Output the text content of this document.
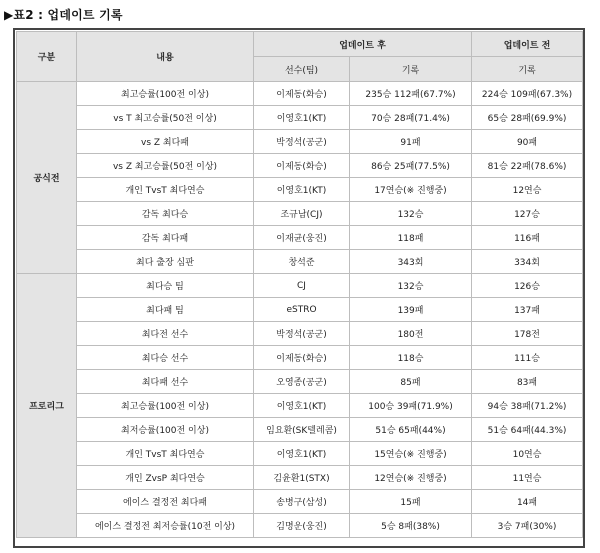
▶표2 : 업데이트 기록
구분	내용	업데이트 후		업데이트 전
		선수(팀)	기록	기록
공식전	최고승률(100전 이상)	이제동(화승)	235승 112패(67.7%)	224승 109패(67.3%)
	vs T 최고승률(50전 이상)	이영호1(KT)	70승 28패(71.4%)	65승 28패(69.9%)
	vs Z 최다패	박정석(공군)	91패	90패
	vs Z 최고승률(50전 이상)	이제동(화승)	86승 25패(77.5%)	81승 22패(78.6%)
	개인 TvsT 최다연승	이영호1(KT)	17연승(※ 진행중)	12연승
	감독 최다승	조규남(CJ)	132승	127승
	감독 최다패	이재균(웅진)	118패	116패
	최다 출장 심판	창석준	343회	334회
프로리그	최다승 팀	CJ	132승	126승
	최다패 팀	eSTRO	139패	137패
	최다전 선수	박정석(공군)	180전	178전
	최다승 선수	이제동(화승)	118승	111승
	최다패 선수	오영종(공군)	85패	83패
	최고승률(100전 이상)	이영호1(KT)	100승 39패(71.9%)	94승 38패(71.2%)
	최저승률(100전 이상)	임요환(SK텔레콤)	51승 65패(44%)	51승 64패(44.3%)
	개인 TvsT 최다연승	이영호1(KT)	15연승(※ 진행중)	10연승
	개인 ZvsP 최다연승	김윤환1(STX)	12연승(※ 진행중)	11연승
	에이스 결정전 최다패	송병구(삼성)	15패	14패
	에이스 결정전 최저승률(10전 이상)	김명운(웅진)	5승 8패(38%)	3승 7패(30%)
